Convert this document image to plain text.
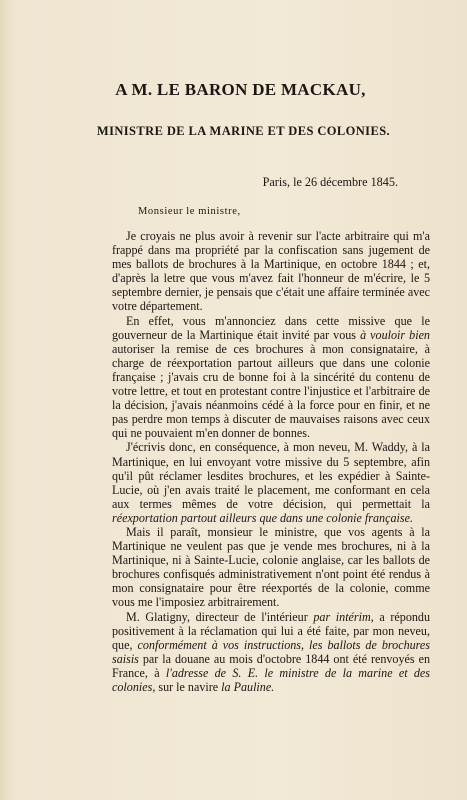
A M. LE BARON DE MACKAU,
MINISTRE DE LA MARINE ET DES COLONIES.

Paris, le 26 décembre 1845.

Monsieur le ministre,

Je croyais ne plus avoir à revenir sur l'acte arbitraire qui m'a frappé dans ma propriété par la confiscation sans jugement de mes ballots de brochures à la Martinique, en octobre 1844 ; et, d'après la letre que vous m'avez fait l'honneur de m'écrire, le 5 septembre dernier, je pensais que c'était une affaire terminée avec votre département.

En effet, vous m'annonciez dans cette missive que le gouverneur de la Martinique était invité par vous à vouloir bien autoriser la remise de ces brochures à mon consignataire, à charge de réexportation partout ailleurs que dans une colonie française ; j'avais cru de bonne foi à la sincérité du contenu de votre lettre, et tout en protestant contre l'injustice et l'arbitraire de la décision, j'avais néanmoins cédé à la force pour en finir, et ne pas perdre mon temps à discuter de mauvaises raisons avec ceux qui ne pouvaient m'en donner de bonnes.

J'écrivis donc, en conséquence, à mon neveu, M. Waddy, à la Martinique, en lui envoyant votre missive du 5 septembre, afin qu'il pût réclamer lesdites brochures, et les expédier à Sainte-Lucie, où j'en avais traité le placement, me conformant en cela aux termes mêmes de votre décision, qui permettait la réexportation partout ailleurs que dans une colonie française.

Mais il paraît, monsieur le ministre, que vos agents à la Martinique ne veulent pas que je vende mes brochures, ni à la Martinique, ni à Sainte-Lucie, colonie anglaise, car les ballots de brochures confisqués administrativement n'ont point été rendus à mon consignataire pour être réexportés de la colonie, comme vous me l'imposiez arbitrairement.

M. Glatigny, directeur de l'intérieur par intérim, a répondu positivement à la réclamation qui lui a été faite, par mon neveu, que, conformément à vos instructions, les ballots de brochures saisis par la douane au mois d'octobre 1844 ont été renvoyés en France, à l'adresse de S. E. le ministre de la marine et des colonies, sur le navire la Pauline.
